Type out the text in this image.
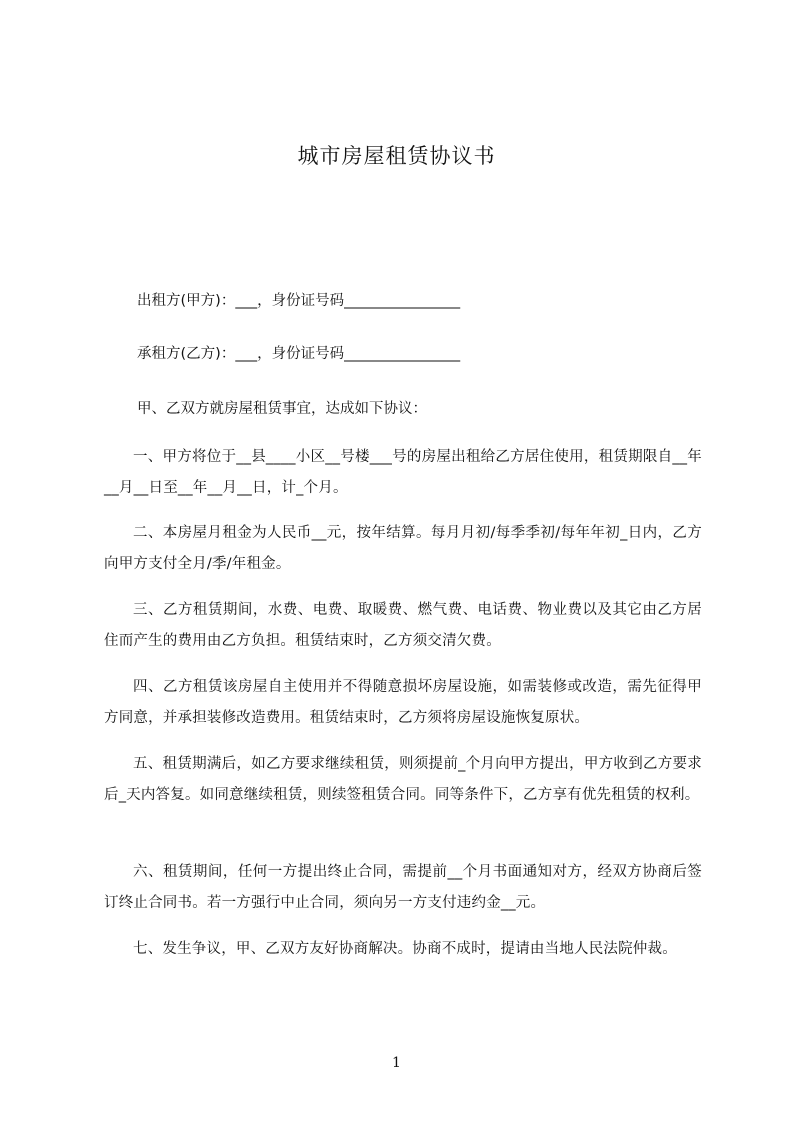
城市房屋租赁协议书
出租方(甲方)：___，身份证号码________________
承租方(乙方)：___，身份证号码________________
甲、乙双方就房屋租赁事宜，达成如下协议：

一、甲方将位于__县____小区__号楼___号的房屋出租给乙方居住使用，租赁期限自__年__月__日至__年__月__日，计_个月。

二、本房屋月租金为人民币__元，按年结算。每月月初/每季季初/每年年初_日内，乙方向甲方支付全月/季/年租金。

三、乙方租赁期间，水费、电费、取暖费、燃气费、电话费、物业费以及其它由乙方居住而产生的费用由乙方负担。租赁结束时，乙方须交清欠费。

四、乙方租赁该房屋自主使用并不得随意损坏房屋设施，如需装修或改造，需先征得甲方同意，并承担装修改造费用。租赁结束时，乙方须将房屋设施恢复原状。

五、租赁期满后，如乙方要求继续租赁，则须提前_个月向甲方提出，甲方收到乙方要求后_天内答复。如同意继续租赁，则续签租赁合同。同等条件下，乙方享有优先租赁的权利。

六、租赁期间，任何一方提出终止合同，需提前__个月书面通知对方，经双方协商后签订终止合同书。若一方强行中止合同，须向另一方支付违约金__元。

七、发生争议，甲、乙双方友好协商解决。协商不成时，提请由当地人民法院仲裁。

1
